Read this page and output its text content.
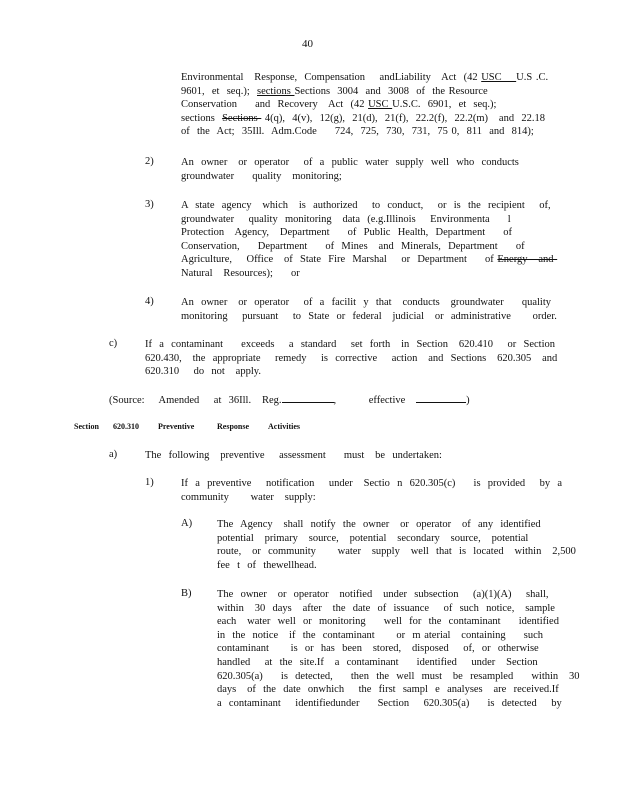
40
Environmental   Response,  Compensation    andLiability   Act  (42 USC    U.S .C.
9601,  et  seq.);  sections Sections  3004  and  3008  of  the Resource
Conservation     and  Recovery   Act  (42 USC U.S.C.  6901,  et  seq.);
sections  Sections  4(q),  4(v),  12(g),  21(d),  21(f),  22.2(f),  22.2(m)   and  22.18
of  the  Act;  35Ill.  Adm.Code     724,  725,  730,  731,  75 0,  811  and  814);
2)	An  owner   or  operator    of  a  public  water  supply  well  who  conducts
groundwater     quality   monitoring;
3)	A  state  agency   which   is  authorized    to  conduct,    or  is  the  recipient    of,
groundwater    quality  monitoring   data  (e.g.Illinois    Environmenta     l
Protection   Agency,   Department     of  Public  Health,  Department     of
Conservation,     Department     of  Mines   and  Minerals,  Department     of
Agriculture,    Office   of  State  Fire  Marshal    or  Department     of Energy   and
Natural   Resources);     or
4)	An  owner   or  operator    of  a  facilit  y  that   conducts   groundwater     quality
monitoring    pursuant    to  State  or  federal   judicial   or  administrative      order.
c)	If  a  contaminant     exceeds    a  standard    set  forth   in  Section   620.410    or  Section
620.430,   the  appropriate    remedy    is  corrective    action   and  Sections   620.305   and
620.310    do  not   apply.
(Source:    Amended    at  36Ill.   Reg.	,         effective	)
Section 620.310 Preventive	Response Activities
a)	The  following   preventive    assessment     must   be  undertaken:
1)	If  a  preventive    notification    under   Sectio  n  620.305(c)     is  provided    by  a
community      water   supply:
A) The  Agency   shall  notify  the  owner   or  operator   of  any  identified
potential   primary   source,   potential   secondary   source,   potential
route,   or  community      water   supply   well  that  is  located   within   2,500
fee  t  of  thewellhead.
B) The  owner   or  operator   notified   under  subsection    (a)(1)(A)    shall,
within   30  days   after   the  date  of  issuance    of  such  notice,   sample
each   water  well  or  monitoring     well  for  the  contaminant     identified
in  the  notice   if  the  contaminant      or  m aterial   containing     such
contaminant      is  or  has  been   stored,   disposed    of,  or  otherwise
handled    at  the  site.If   a  contaminant     identified    under   Section
620.305(a)     is  detected,     then  the  well  must   be  resampled     within   30
days   of  the  date  onwhich    the  first  sampl  e  analyses   are  received.If
a  contaminant    identifiedunder     Section    620.305(a)     is  detected    by
